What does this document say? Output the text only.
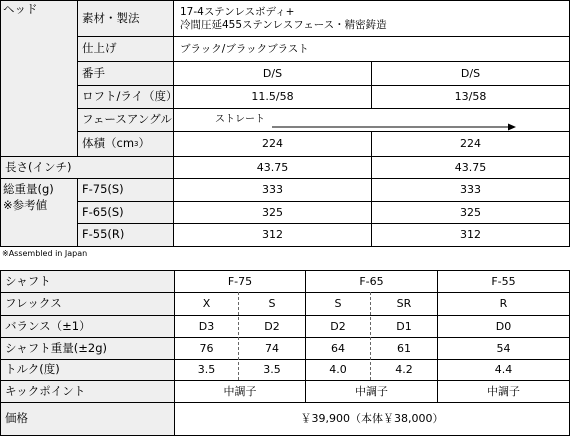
ヘッド
素材・製法	17-4ステンレスボディ+
冷間圧延455ステンレスフェース・精密鋳造
仕上げ	ブラック/ブラックブラスト
番手	D/S	D/S
ロフト/ライ（度）	11.5/58	13/58
フェースアングル	ストレート
体積（cm 3 ）	224	224
長さ(インチ)	43.75	43.75
総重量(g)
※参考値
F-75(S)	333	333
F-65(S)	325	325
F-55(R)	312	312
※Assembled in Japan
シャフト	F-75	F-65	F-55
フレックス	X	S	S	SR	R
バランス（±1）	D3	D2	D2	D1	D0
シャフト重量(±2g)	76	74	64	61	54
トルク(度)	3.5	3.5	4.0	4.2	4.4
キックポイント	中調子	中調子	中調子
価格	￥39,900（本体￥38,000）
